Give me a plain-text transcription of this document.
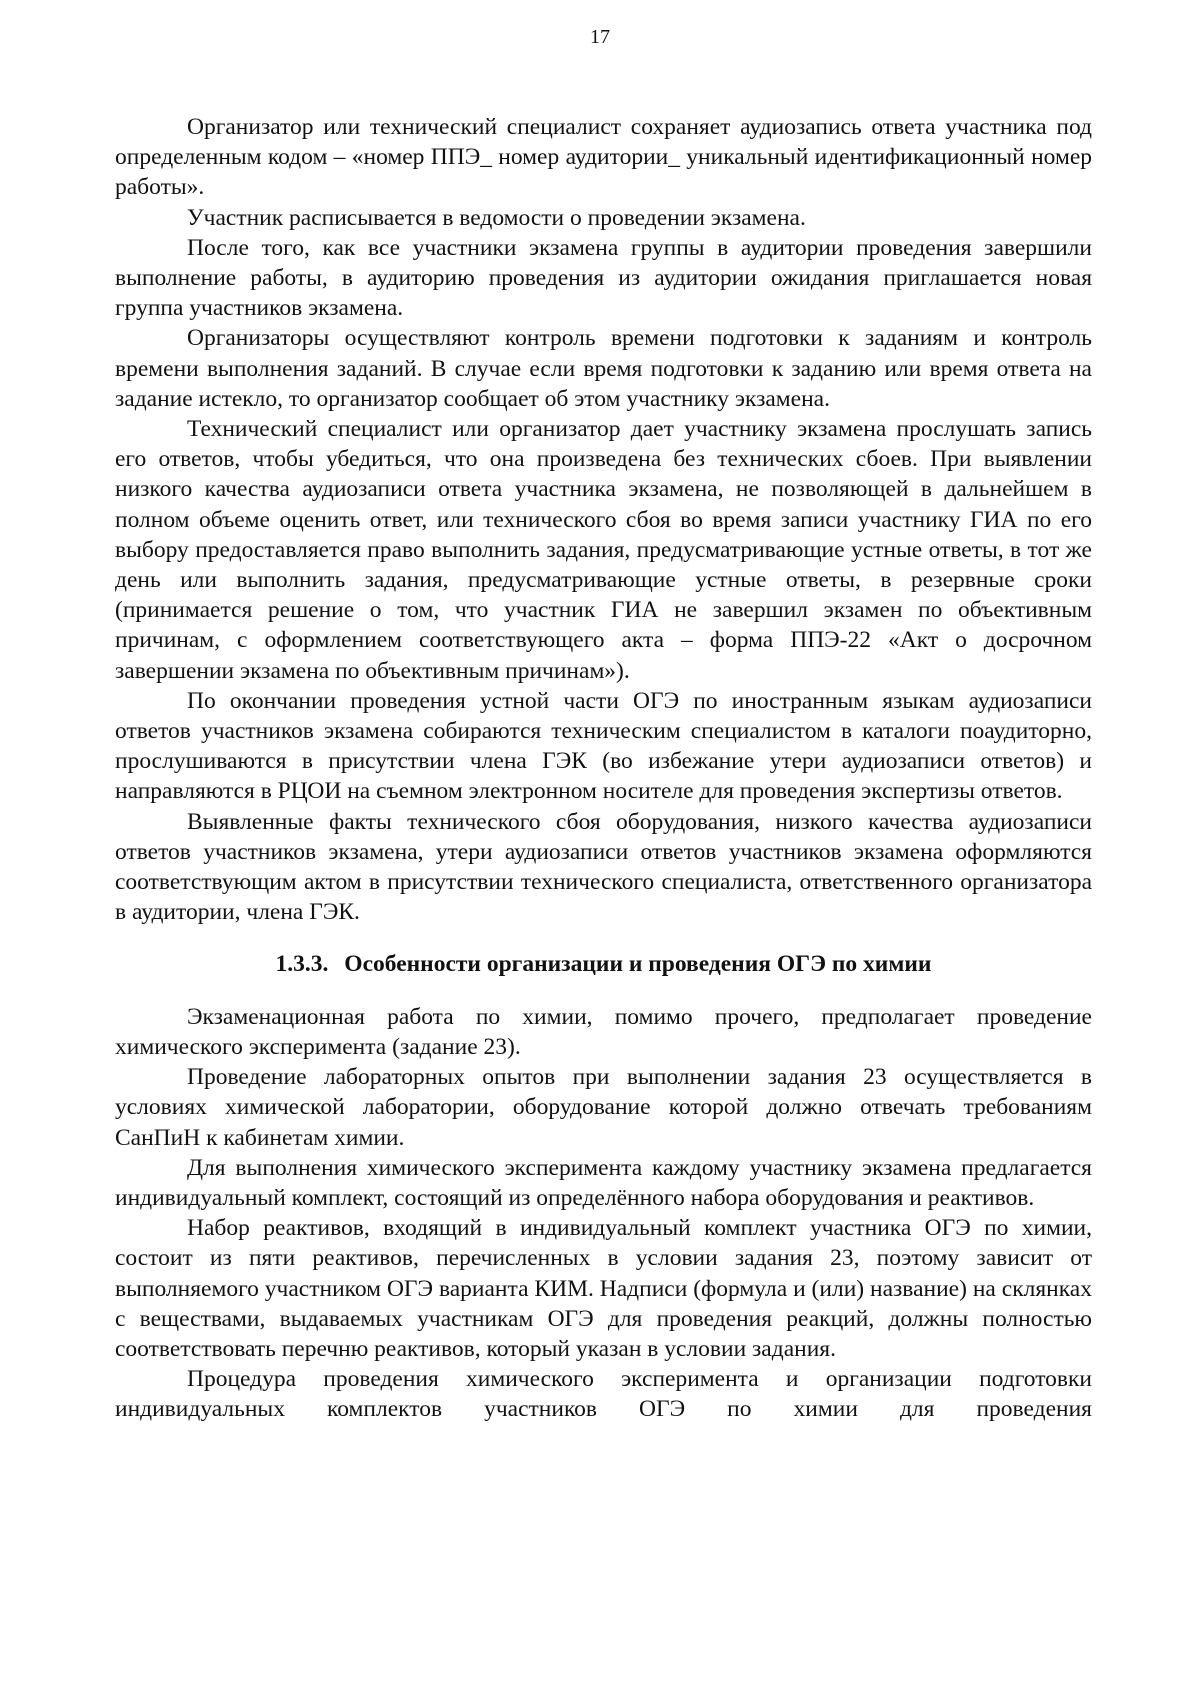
17

Организатор или технический специалист сохраняет аудиозапись ответа участника под определенным кодом – «номер ППЭ_ номер аудитории_ уникальный идентификационный номер работы».

Участник расписывается в ведомости о проведении экзамена.

После того, как все участники экзамена группы в аудитории проведения завершили выполнение работы, в аудиторию проведения из аудитории ожидания приглашается новая группа участников экзамена.

Организаторы осуществляют контроль времени подготовки к заданиям и контроль времени выполнения заданий. В случае если время подготовки к заданию или время ответа на задание истекло, то организатор сообщает об этом участнику экзамена.

Технический специалист или организатор дает участнику экзамена прослушать запись его ответов, чтобы убедиться, что она произведена без технических сбоев. При выявлении низкого качества аудиозаписи ответа участника экзамена, не позволяющей в дальнейшем в полном объеме оценить ответ, или технического сбоя во время записи участнику ГИА по его выбору предоставляется право выполнить задания, предусматривающие устные ответы, в тот же день или выполнить задания, предусматривающие устные ответы, в резервные сроки (принимается решение о том, что участник ГИА не завершил экзамен по объективным причинам, с оформлением соответствующего акта – форма ППЭ-22 «Акт о досрочном завершении экзамена по объективным причинам»).

По окончании проведения устной части ОГЭ по иностранным языкам аудиозаписи ответов участников экзамена собираются техническим специалистом в каталоги поаудиторно, прослушиваются в присутствии члена ГЭК (во избежание утери аудиозаписи ответов) и направляются в РЦОИ на съемном электронном носителе для проведения экспертизы ответов.

Выявленные факты технического сбоя оборудования, низкого качества аудиозаписи ответов участников экзамена, утери аудиозаписи ответов участников экзамена оформляются соответствующим актом в присутствии технического специалиста, ответственного организатора в аудитории, члена ГЭК.

1.3.3. Особенности организации и проведения ОГЭ по химии

Экзаменационная работа по химии, помимо прочего, предполагает проведение химического эксперимента (задание 23).

Проведение лабораторных опытов при выполнении задания 23 осуществляется в условиях химической лаборатории, оборудование которой должно отвечать требованиям СанПиН к кабинетам химии.

Для выполнения химического эксперимента каждому участнику экзамена предлагается индивидуальный комплект, состоящий из определённого набора оборудования и реактивов.

Набор реактивов, входящий в индивидуальный комплект участника ОГЭ по химии, состоит из пяти реактивов, перечисленных в условии задания 23, поэтому зависит от выполняемого участником ОГЭ варианта КИМ. Надписи (формула и (или) название) на склянках с веществами, выдаваемых участникам ОГЭ для проведения реакций, должны полностью соответствовать перечню реактивов, который указан в условии задания.

Процедура проведения химического эксперимента и организации подготовки индивидуальных комплектов участников ОГЭ по химии для проведения
